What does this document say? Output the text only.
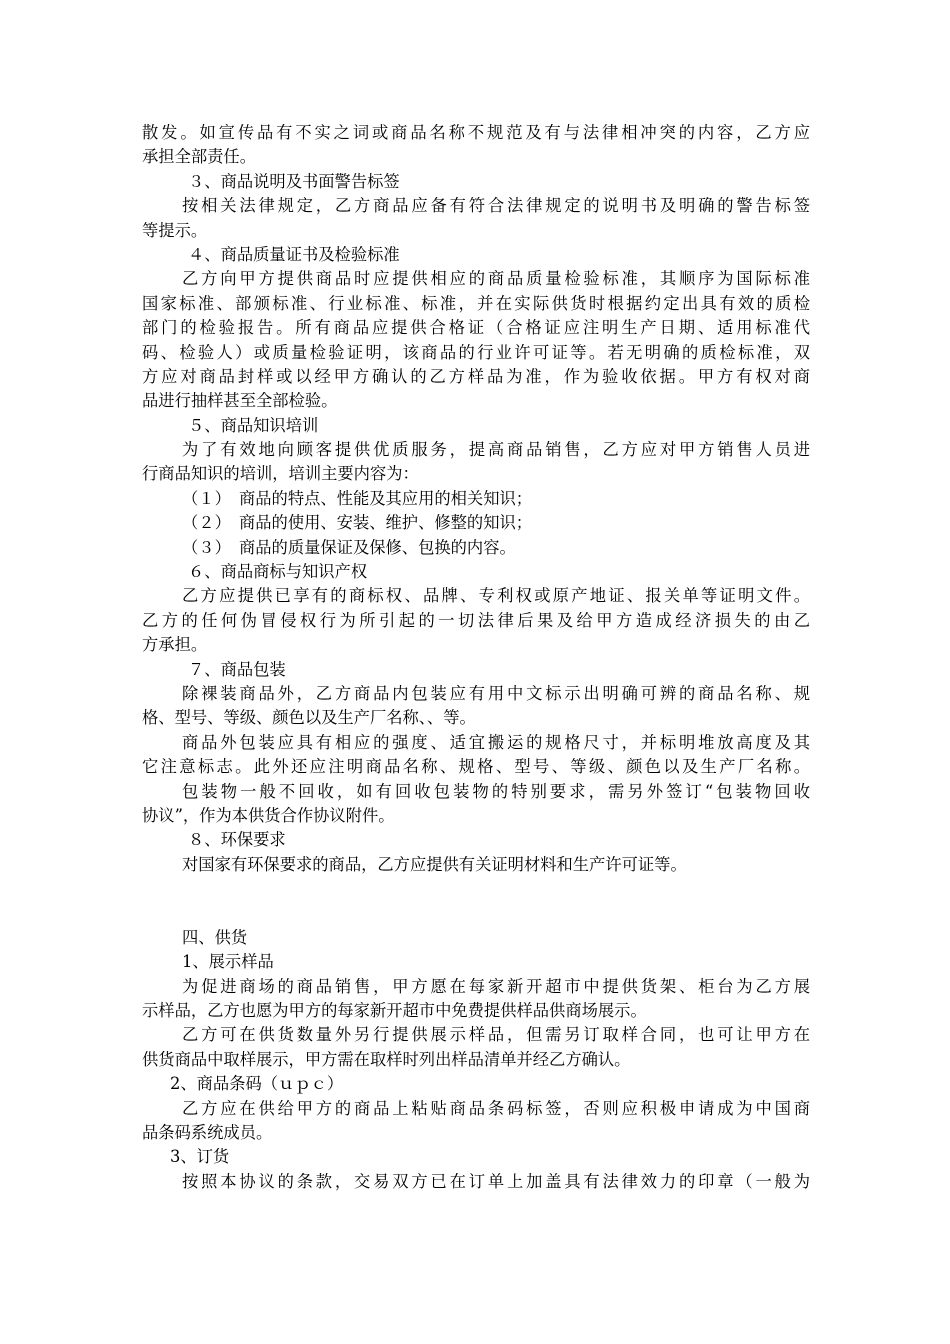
散发。如宣传品有不实之词或商品名称不规范及有与法律相冲突的内容，乙方应
承担全部责任。
３、商品说明及书面警告标签
按相关法律规定，乙方商品应备有符合法律规定的说明书及明确的警告标签
等提示。
４、商品质量证书及检验标准
乙方向甲方提供商品时应提供相应的商品质量检验标准，其顺序为国际标准
国家标准、部颁标准、行业标准、标准，并在实际供货时根据约定出具有效的质检
部门的检验报告。所有商品应提供合格证（合格证应注明生产日期、适用标准代
码、检验人）或质量检验证明，该商品的行业许可证等。若无明确的质检标准，双
方应对商品封样或以经甲方确认的乙方样品为准，作为验收依据。甲方有权对商
品进行抽样甚至全部检验。
５、商品知识培训
为了有效地向顾客提供优质服务，提高商品销售，乙方应对甲方销售人员进
行商品知识的培训，培训主要内容为：
（１）　商品的特点、性能及其应用的相关知识；
（２）　商品的使用、安装、维护、修整的知识；
（３）　商品的质量保证及保修、包换的内容。
６、商品商标与知识产权
乙方应提供已享有的商标权、品牌、专利权或原产地证、报关单等证明文件。
乙方的任何伪冒侵权行为所引起的一切法律后果及给甲方造成经济损失的由乙
方承担。
７、商品包装
除裸装商品外，乙方商品内包装应有用中文标示出明确可辨的商品名称、规
格、型号、等级、颜色以及生产厂名称、、等。
商品外包装应具有相应的强度、适宜搬运的规格尺寸，并标明堆放高度及其
它注意标志。此外还应注明商品名称、规格、型号、等级、颜色以及生产厂名称。
包装物一般不回收，如有回收包装物的特别要求，需另外签订“包装物回收
协议”，作为本供货合作协议附件。
８、环保要求
对国家有环保要求的商品，乙方应提供有关证明材料和生产许可证等。
四、供货
1、展示样品
为促进商场的商品销售，甲方愿在每家新开超市中提供货架、柜台为乙方展
示样品，乙方也愿为甲方的每家新开超市中免费提供样品供商场展示。
乙方可在供货数量外另行提供展示样品，但需另订取样合同，也可让甲方在
供货商品中取样展示，甲方需在取样时列出样品清单并经乙方确认。
2、商品条码（ｕｐｃ）
乙方应在供给甲方的商品上粘贴商品条码标签，否则应积极申请成为中国商
品条码系统成员。
3、订货
按照本协议的条款，交易双方已在订单上加盖具有法律效力的印章（一般为
